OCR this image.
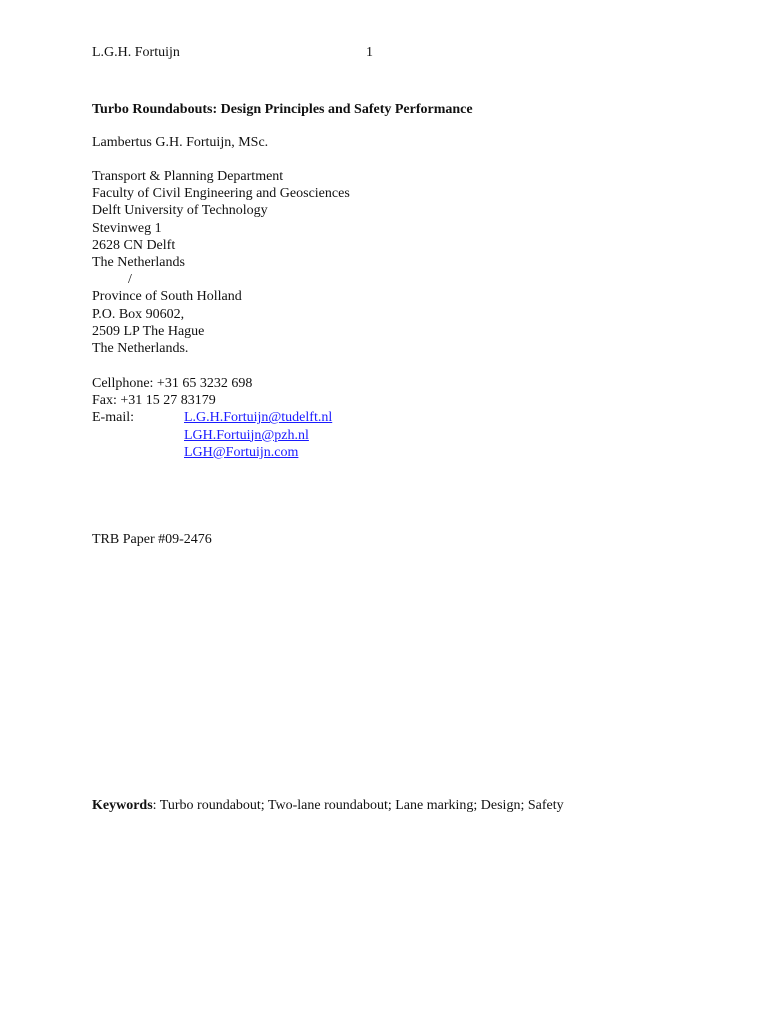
L.G.H. Fortuijn	1
Turbo Roundabouts: Design Principles and Safety Performance
Lambertus G.H. Fortuijn, MSc.
Transport & Planning Department
Faculty of Civil Engineering and Geosciences
Delft University of Technology
Stevinweg 1
2628 CN Delft
The Netherlands
/
Province of South Holland
P.O. Box 90602,
2509 LP The Hague
The Netherlands.
Cellphone: +31 65 3232 698
Fax: +31 15 27 83179
E-mail:	L.G.H.Fortuijn@tudelft.nl
LGH.Fortuijn@pzh.nl
LGH@Fortuijn.com
TRB Paper #09-2476
Keywords: Turbo roundabout; Two-lane roundabout; Lane marking; Design; Safety
